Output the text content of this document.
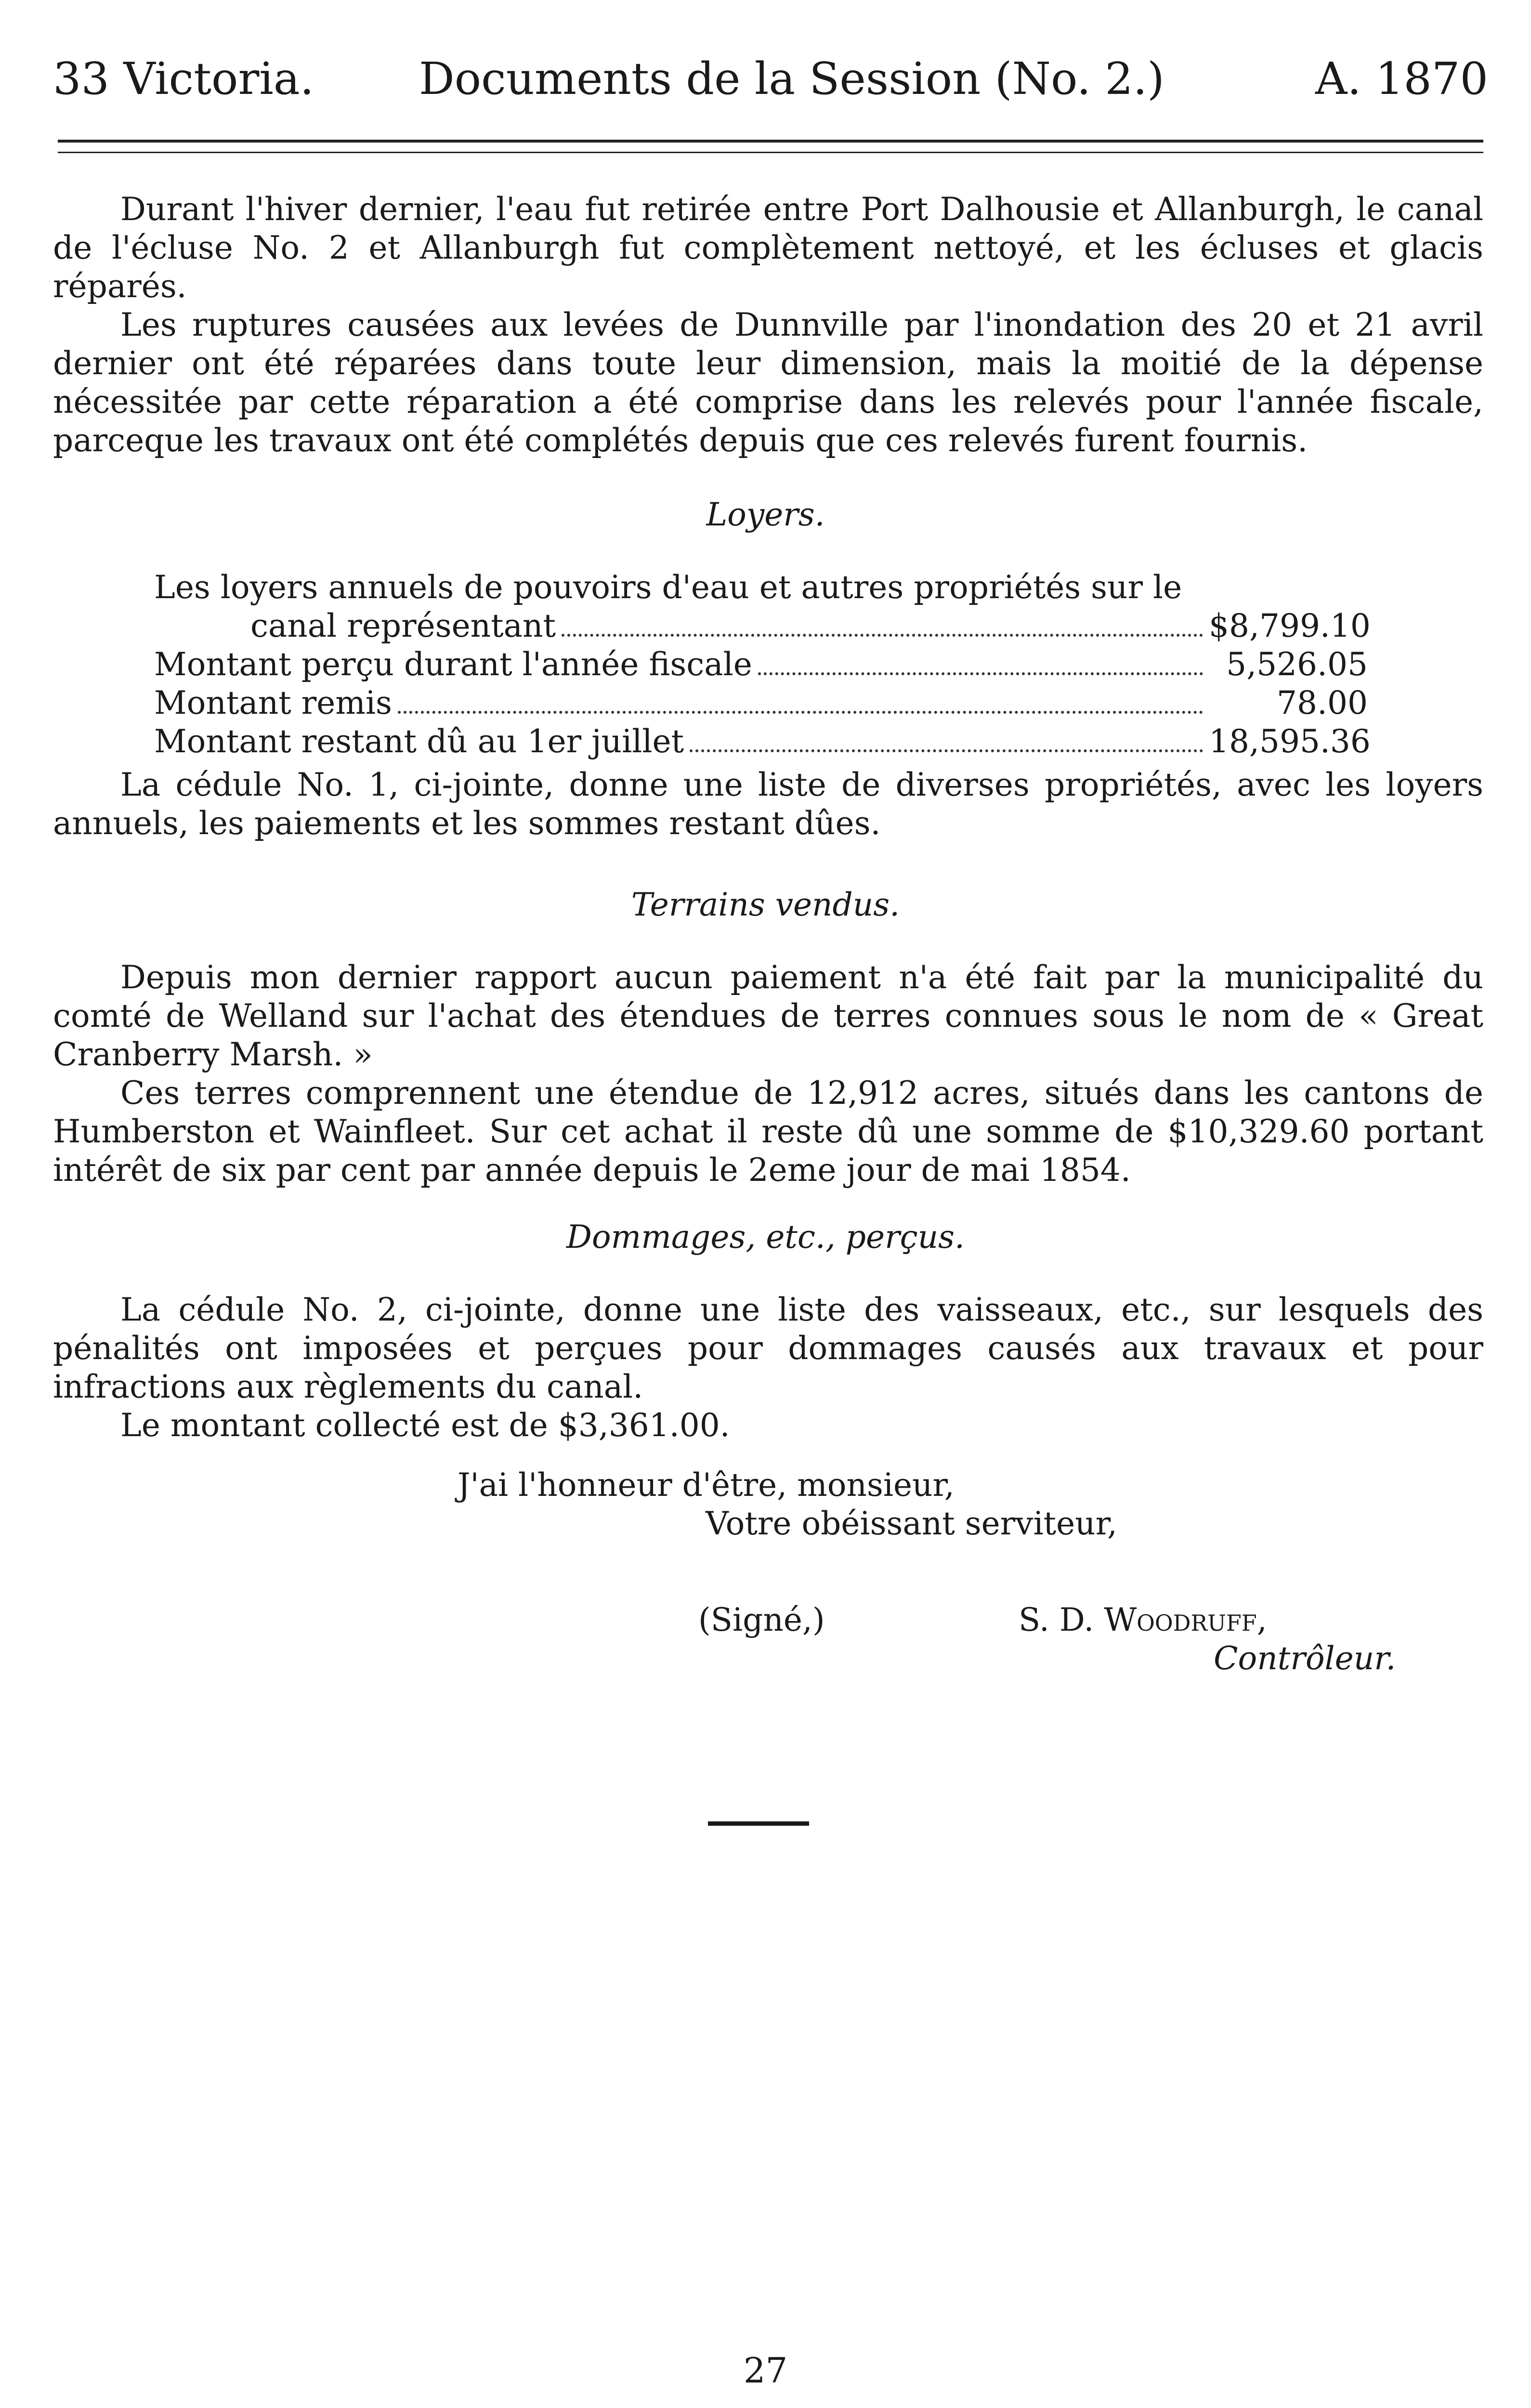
33 Victoria. Documents de la Session (No. 2.)	A. 1870

Durant l'hiver dernier, l'eau fut retirée entre Port Dalhousie et Allanburgh, le canal de l'écluse No. 2 et Allanburgh fut complètement nettoyé, et les écluses et glacis réparés.

Les ruptures causées aux levées de Dunnville par l'inondation des 20 et 21 avril dernier ont été réparées dans toute leur dimension, mais la moitié de la dépense nécessitée par cette réparation a été comprise dans les relevés pour l'année fiscale, parceque les travaux ont été complétés depuis que ces relevés furent fournis.

Loyers.
Les loyers annuels de pouvoirs d'eau et autres propriétés sur le
canal représentant	$8,799.10
Montant perçu durant l'année fiscale	5,526.05
Montant remis	78.00
Montant restant dû au 1er juillet	18,595.36

La cédule No. 1, ci-jointe, donne une liste de diverses propriétés, avec les loyers annuels, les paiements et les sommes restant dûes.

Terrains vendus.

Depuis mon dernier rapport aucun paiement n'a été fait par la municipalité du comté de Welland sur l'achat des étendues de terres connues sous le nom de « Great Cranberry Marsh. »

Ces terres comprennent une étendue de 12,912 acres, situés dans les cantons de Humberston et Wainfleet. Sur cet achat il reste dû une somme de $10,329.60 portant intérêt de six par cent par année depuis le 2eme jour de mai 1854.

Dommages, etc., perçus.

La cédule No. 2, ci-jointe, donne une liste des vaisseaux, etc., sur lesquels des pénalités ont imposées et perçues pour dommages causés aux travaux et pour infractions aux règlements du canal.

Le montant collecté est de $3,361.00.

J'ai l'honneur d'être, monsieur,
Votre obéissant serviteur,
(Signé,)	S. D. Woodruff,
Contrôleur.
27
